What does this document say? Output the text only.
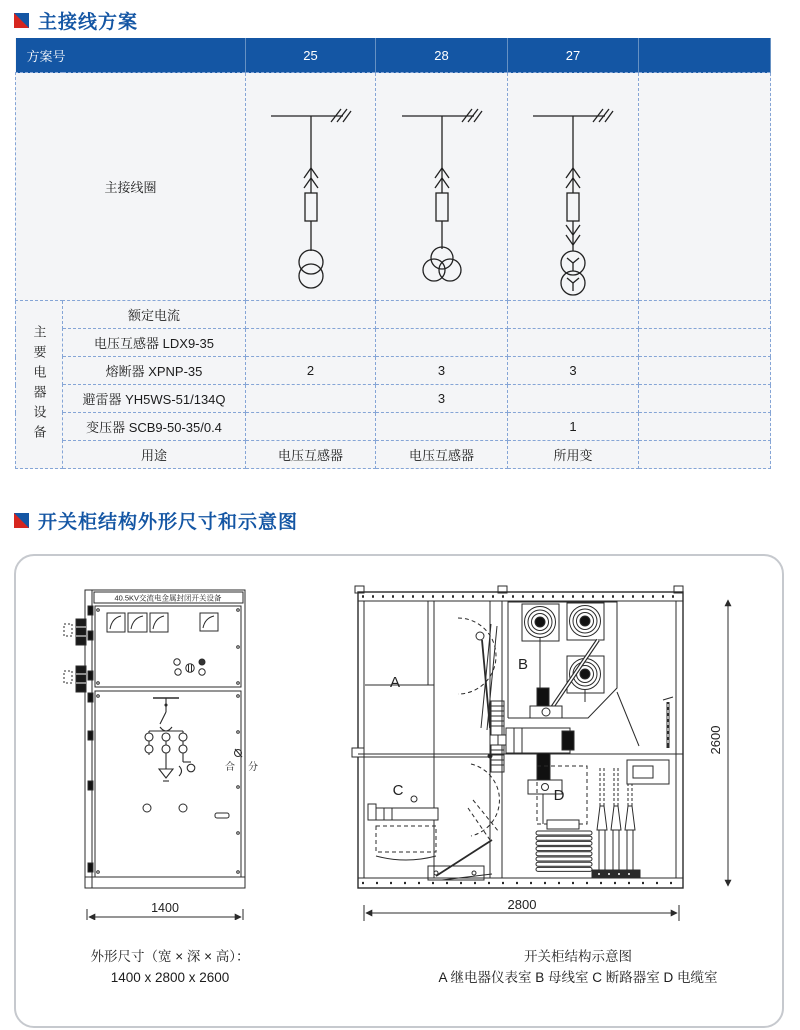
主接线方案
方案号		25	28	27	
主接线圈				

主要电器设备	额定电流				
	电压互感器 LDX9-35				
	熔断器 XPNP-35	2	3	3	
	避雷器 YH5WS-51/134Q		3		
	变压器 SCB9-50-35/0.4			1	
	用途	电压互感器	电压互感器	所用变	
开关柜结构外形尺寸和示意图
40.5KV交流电金属封闭开关设备
合 分
1400
A
B
C	D
2800
2600
外形尺寸（宽 × 深 × 高）：
1400 x 2800 x 2600
开关柜结构示意图
A 继电器仪表室 B 母线室 C 断路器室 D 电缆室
